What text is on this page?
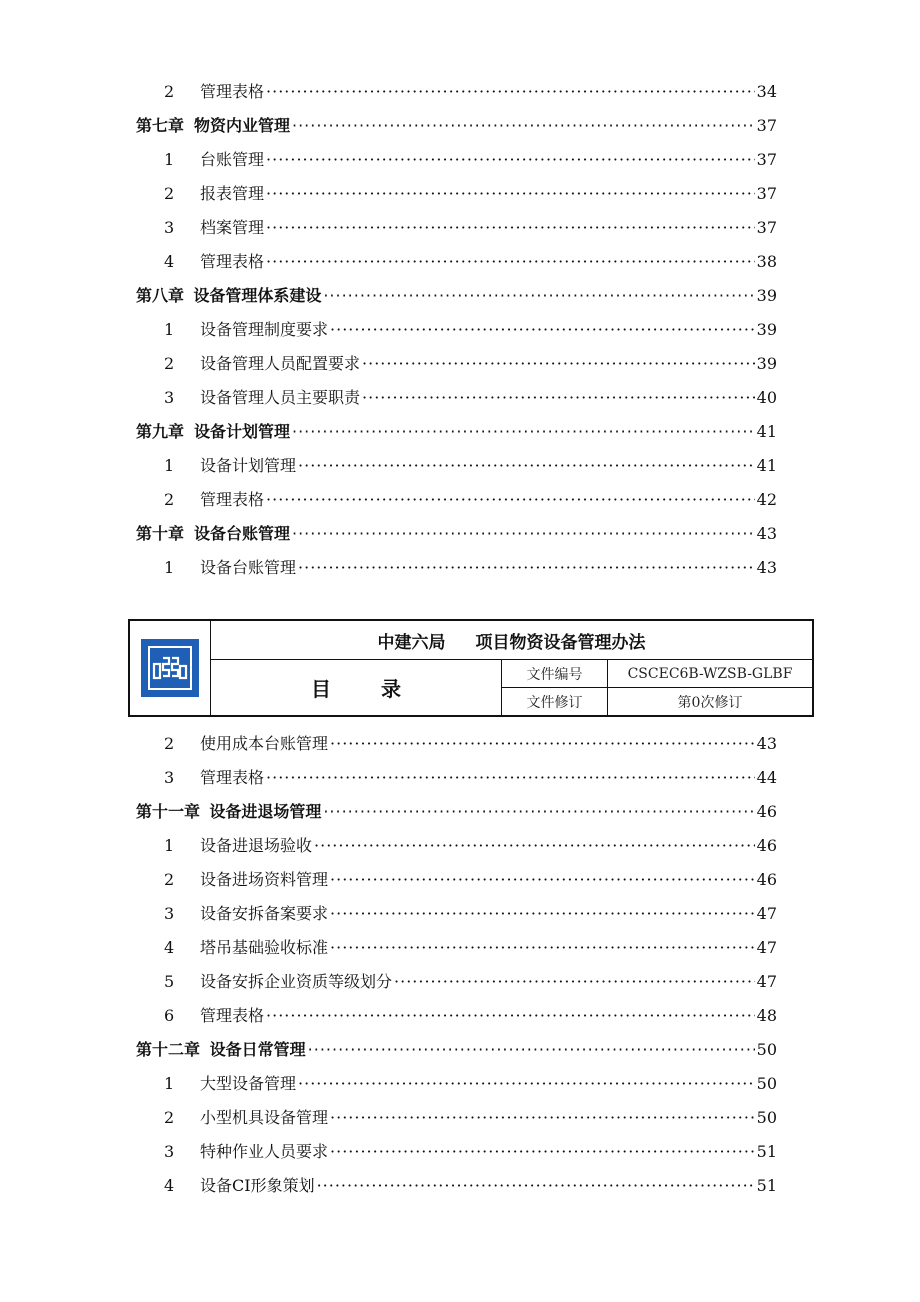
2	管理表格 ·····	34
第七章 物资内业管理 ·····	37
1	台账管理 ·····	37
2	报表管理 ·····	37
3	档案管理 ·····	37
4	管理表格 ·····	38
第八章 设备管理体系建设 ·····	39
1	设备管理制度要求 ·····	39
2	设备管理人员配置要求 ·····	39
3	设备管理人员主要职责 ·····	40
第九章 设备计划管理 ·····	41
1	设备计划管理 ·····	41
2	管理表格 ·····	42
第十章 设备台账管理 ·····	43
1	设备台账管理 ·····	43
中建六局 项目物资设备管理办法
目录
文件编号	CSCEC6B-WZSB-GLBF
文件修订	第0次修订
2	使用成本台账管理 ·····	43
3	管理表格 ·····	44
第十一章 设备进退场管理 ·····	46
1	设备进退场验收 ·····	46
2	设备进场资料管理 ·····	46
3	设备安拆备案要求 ·····	47
4	塔吊基础验收标准 ·····	47
5	设备安拆企业资质等级划分 ·····	47
6	管理表格 ·····	48
第十二章 设备日常管理 ·····	50
1	大型设备管理 ·····	50
2	小型机具设备管理 ·····	50
3	特种作业人员要求 ·····	51
4	设备CI形象策划 ·····	51
